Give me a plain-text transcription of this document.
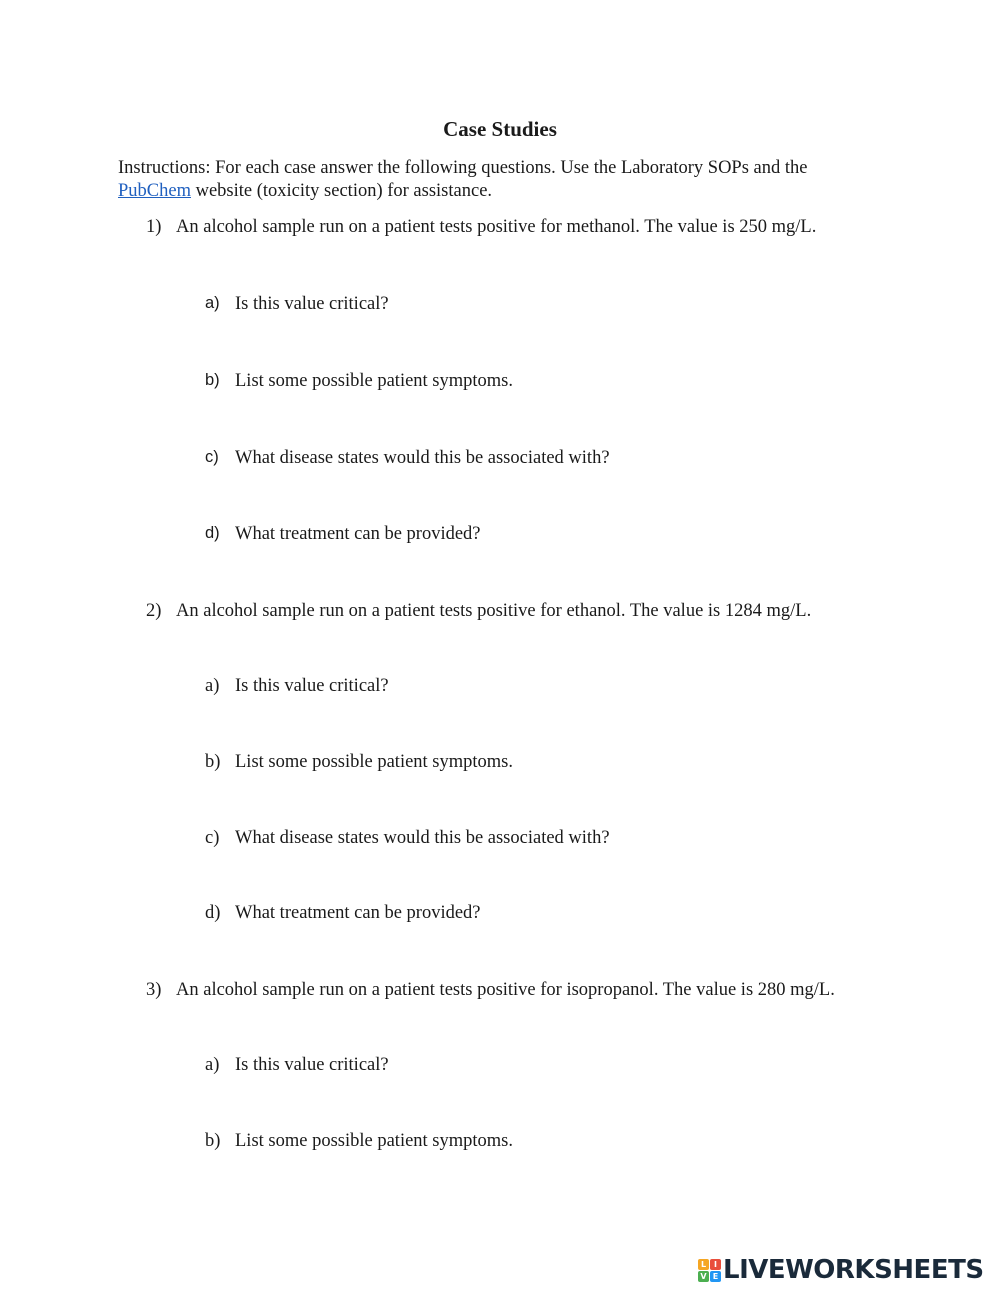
Case Studies

Instructions: For each case answer the following questions. Use the Laboratory SOPs and the
PubChem website (toxicity section) for assistance.

1) An alcohol sample run on a patient tests positive for methanol. The value is 250 mg/L.
a) Is this value critical?
b) List some possible patient symptoms.
c) What disease states would this be associated with?
d) What treatment can be provided?
2) An alcohol sample run on a patient tests positive for ethanol. The value is 1284 mg/L.
a) Is this value critical?
b) List some possible patient symptoms.
c) What disease states would this be associated with?
d) What treatment can be provided?
3) An alcohol sample run on a patient tests positive for isopropanol. The value is 280 mg/L.
a) Is this value critical?
b) List some possible patient symptoms.
L I
V E LIVEWORKSHEETS
